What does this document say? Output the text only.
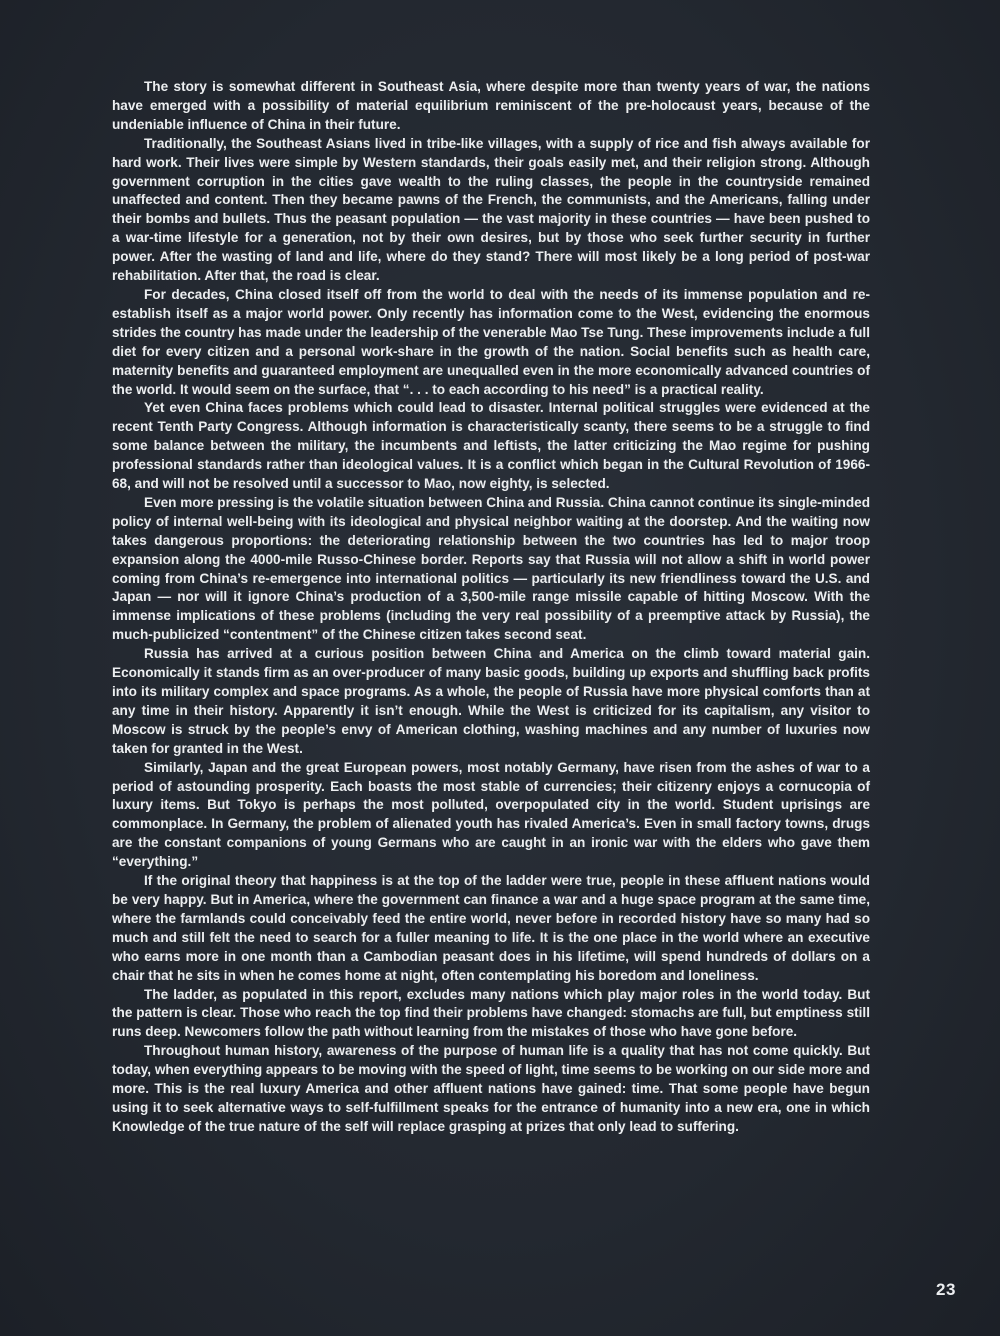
The story is somewhat different in Southeast Asia, where despite more than twenty years of war, the nations have emerged with a possibility of material equilibrium reminiscent of the pre-holocaust years, because of the undeniable influence of China in their future.

Traditionally, the Southeast Asians lived in tribe-like villages, with a supply of rice and fish always available for hard work. Their lives were simple by Western standards, their goals easily met, and their religion strong. Although government corruption in the cities gave wealth to the ruling classes, the people in the countryside remained unaffected and content. Then they became pawns of the French, the communists, and the Americans, falling under their bombs and bullets. Thus the peasant population — the vast majority in these countries — have been pushed to a war-time lifestyle for a generation, not by their own desires, but by those who seek further security in further power. After the wasting of land and life, where do they stand? There will most likely be a long period of post-war rehabilitation. After that, the road is clear.

For decades, China closed itself off from the world to deal with the needs of its immense population and re-establish itself as a major world power. Only recently has information come to the West, evidencing the enormous strides the country has made under the leadership of the venerable Mao Tse Tung. These improvements include a full diet for every citizen and a personal work-share in the growth of the nation. Social benefits such as health care, maternity benefits and guaranteed employment are unequalled even in the more economically advanced countries of the world. It would seem on the surface, that “. . . to each according to his need” is a practical reality.

Yet even China faces problems which could lead to disaster. Internal political struggles were evidenced at the recent Tenth Party Congress. Although information is characteristically scanty, there seems to be a struggle to find some balance between the military, the incumbents and leftists, the latter criticizing the Mao regime for pushing professional standards rather than ideological values. It is a conflict which began in the Cultural Revolution of 1966-68, and will not be resolved until a successor to Mao, now eighty, is selected.

Even more pressing is the volatile situation between China and Russia. China cannot continue its single-minded policy of internal well-being with its ideological and physical neighbor waiting at the doorstep. And the waiting now takes dangerous proportions: the deteriorating relationship between the two countries has led to major troop expansion along the 4000-mile Russo-Chinese border. Reports say that Russia will not allow a shift in world power coming from China’s re-emergence into international politics — particularly its new friendliness toward the U.S. and Japan — nor will it ignore China’s production of a 3,500-mile range missile capable of hitting Moscow. With the immense implications of these problems (including the very real possibility of a preemptive attack by Russia), the much-publicized “contentment” of the Chinese citizen takes second seat.

Russia has arrived at a curious position between China and America on the climb toward material gain. Economically it stands firm as an over-producer of many basic goods, building up exports and shuffling back profits into its military complex and space programs. As a whole, the people of Russia have more physical comforts than at any time in their history. Apparently it isn’t enough. While the West is criticized for its capitalism, any visitor to Moscow is struck by the people’s envy of American clothing, washing machines and any number of luxuries now taken for granted in the West.

Similarly, Japan and the great European powers, most notably Germany, have risen from the ashes of war to a period of astounding prosperity. Each boasts the most stable of currencies; their citizenry enjoys a cornucopia of luxury items. But Tokyo is perhaps the most polluted, overpopulated city in the world. Student uprisings are commonplace. In Germany, the problem of alienated youth has rivaled America’s. Even in small factory towns, drugs are the constant companions of young Germans who are caught in an ironic war with the elders who gave them “everything.”

If the original theory that happiness is at the top of the ladder were true, people in these affluent nations would be very happy. But in America, where the government can finance a war and a huge space program at the same time, where the farmlands could conceivably feed the entire world, never before in recorded history have so many had so much and still felt the need to search for a fuller meaning to life. It is the one place in the world where an executive who earns more in one month than a Cambodian peasant does in his lifetime, will spend hundreds of dollars on a chair that he sits in when he comes home at night, often contemplating his boredom and loneliness.

The ladder, as populated in this report, excludes many nations which play major roles in the world today. But the pattern is clear. Those who reach the top find their problems have changed: stomachs are full, but emptiness still runs deep. Newcomers follow the path without learning from the mistakes of those who have gone before.

Throughout human history, awareness of the purpose of human life is a quality that has not come quickly. But today, when everything appears to be moving with the speed of light, time seems to be working on our side more and more. This is the real luxury America and other affluent nations have gained: time. That some people have begun using it to seek alternative ways to self-fulfillment speaks for the entrance of humanity into a new era, one in which Knowledge of the true nature of the self will replace grasping at prizes that only lead to suffering.

23
